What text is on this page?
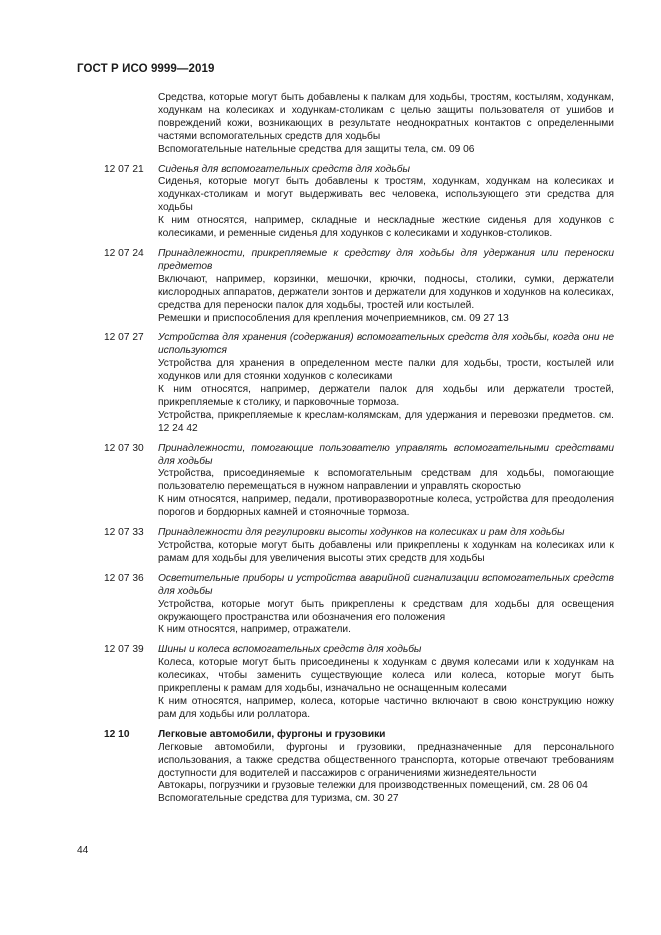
ГОСТ Р ИСО 9999—2019

Средства, которые могут быть добавлены к палкам для ходьбы, тростям, костылям, ходункам, ходункам на колесиках и ходункам-столикам с целью защиты пользователя от ушибов и повреждений кожи, возникающих в результате неоднократных контактов с определенными частями вспомогательных средств для ходьбы

Вспомогательные нательные средства для защиты тела, см. 09 06

12 07 21	Сиденья для вспомогательных средств для ходьбы

Сиденья, которые могут быть добавлены к тростям, ходункам, ходункам на колесиках и ходунках-столикам и могут выдерживать вес человека, использующего эти средства для ходьбы

К ним относятся, например, складные и нескладные жесткие сиденья для ходунков с колесиками, и ременные сиденья для ходунков с колесиками и ходунков-столиков.

12 07 24	Принадлежности, прикрепляемые к средству для ходьбы для удержания или переноски предметов

Включают, например, корзинки, мешочки, крючки, подносы, столики, сумки, держатели кислородных аппаратов, держатели зонтов и держатели для ходунков и ходунков на колесиках, средства для переноски палок для ходьбы, тростей или костылей.

Ремешки и приспособления для крепления мочеприемников, см. 09 27 13

12 07 27	Устройства для хранения (содержания) вспомогательных средств для ходьбы, когда они не используются

Устройства для хранения в определенном месте палки для ходьбы, трости, костылей или ходунков или для стоянки ходунков с колесиками

К ним относятся, например, держатели палок для ходьбы или держатели тростей, прикрепляемые к столику, и парковочные тормоза.

Устройства, прикрепляемые к креслам-колямскам, для удержания и перевозки предметов. см. 12 24 42

12 07 30	Принадлежности, помогающие пользователю управлять вспомогательными средствами для ходьбы

Устройства, присоединяемые к вспомогательным средствам для ходьбы, помогающие пользователю перемещаться в нужном направлении и управлять скоростью

К ним относятся, например, педали, противоразворотные колеса, устройства для преодоления порогов и бордюрных камней и стояночные тормоза.

12 07 33	Принадлежности для регулировки высоты ходунков на колесиках и рам для ходьбы

Устройства, которые могут быть добавлены или прикреплены к ходункам на колесиках или к рамам для ходьбы для увеличения высоты этих средств для ходьбы

12 07 36	Осветительные приборы и устройства аварийной сигнализации вспомогательных средств для ходьбы

Устройства, которые могут быть прикреплены к средствам для ходьбы для освещения окружающего пространства или обозначения его положения

К ним относятся, например, отражатели.

12 07 39	Шины и колеса вспомогательных средств для ходьбы

Колеса, которые могут быть присоединены к ходункам с двумя колесами или к ходункам на колесиках, чтобы заменить существующие колеса или колеса, которые могут быть прикреплены к рамам для ходьбы, изначально не оснащенным колесами

К ним относятся, например, колеса, которые частично включают в свою конструкцию ножку рам для ходьбы или роллатора.

12 10	Легковые автомобили, фургоны и грузовики

Легковые автомобили, фургоны и грузовики, предназначенные для персонального использования, а также средства общественного транспорта, которые отвечают требованиям доступности для водителей и пассажиров с ограничениями жизнедеятельности

Автокары, погрузчики и грузовые тележки для производственных помещений, см. 28 06 04

Вспомогательные средства для туризма, см. 30 27

44
